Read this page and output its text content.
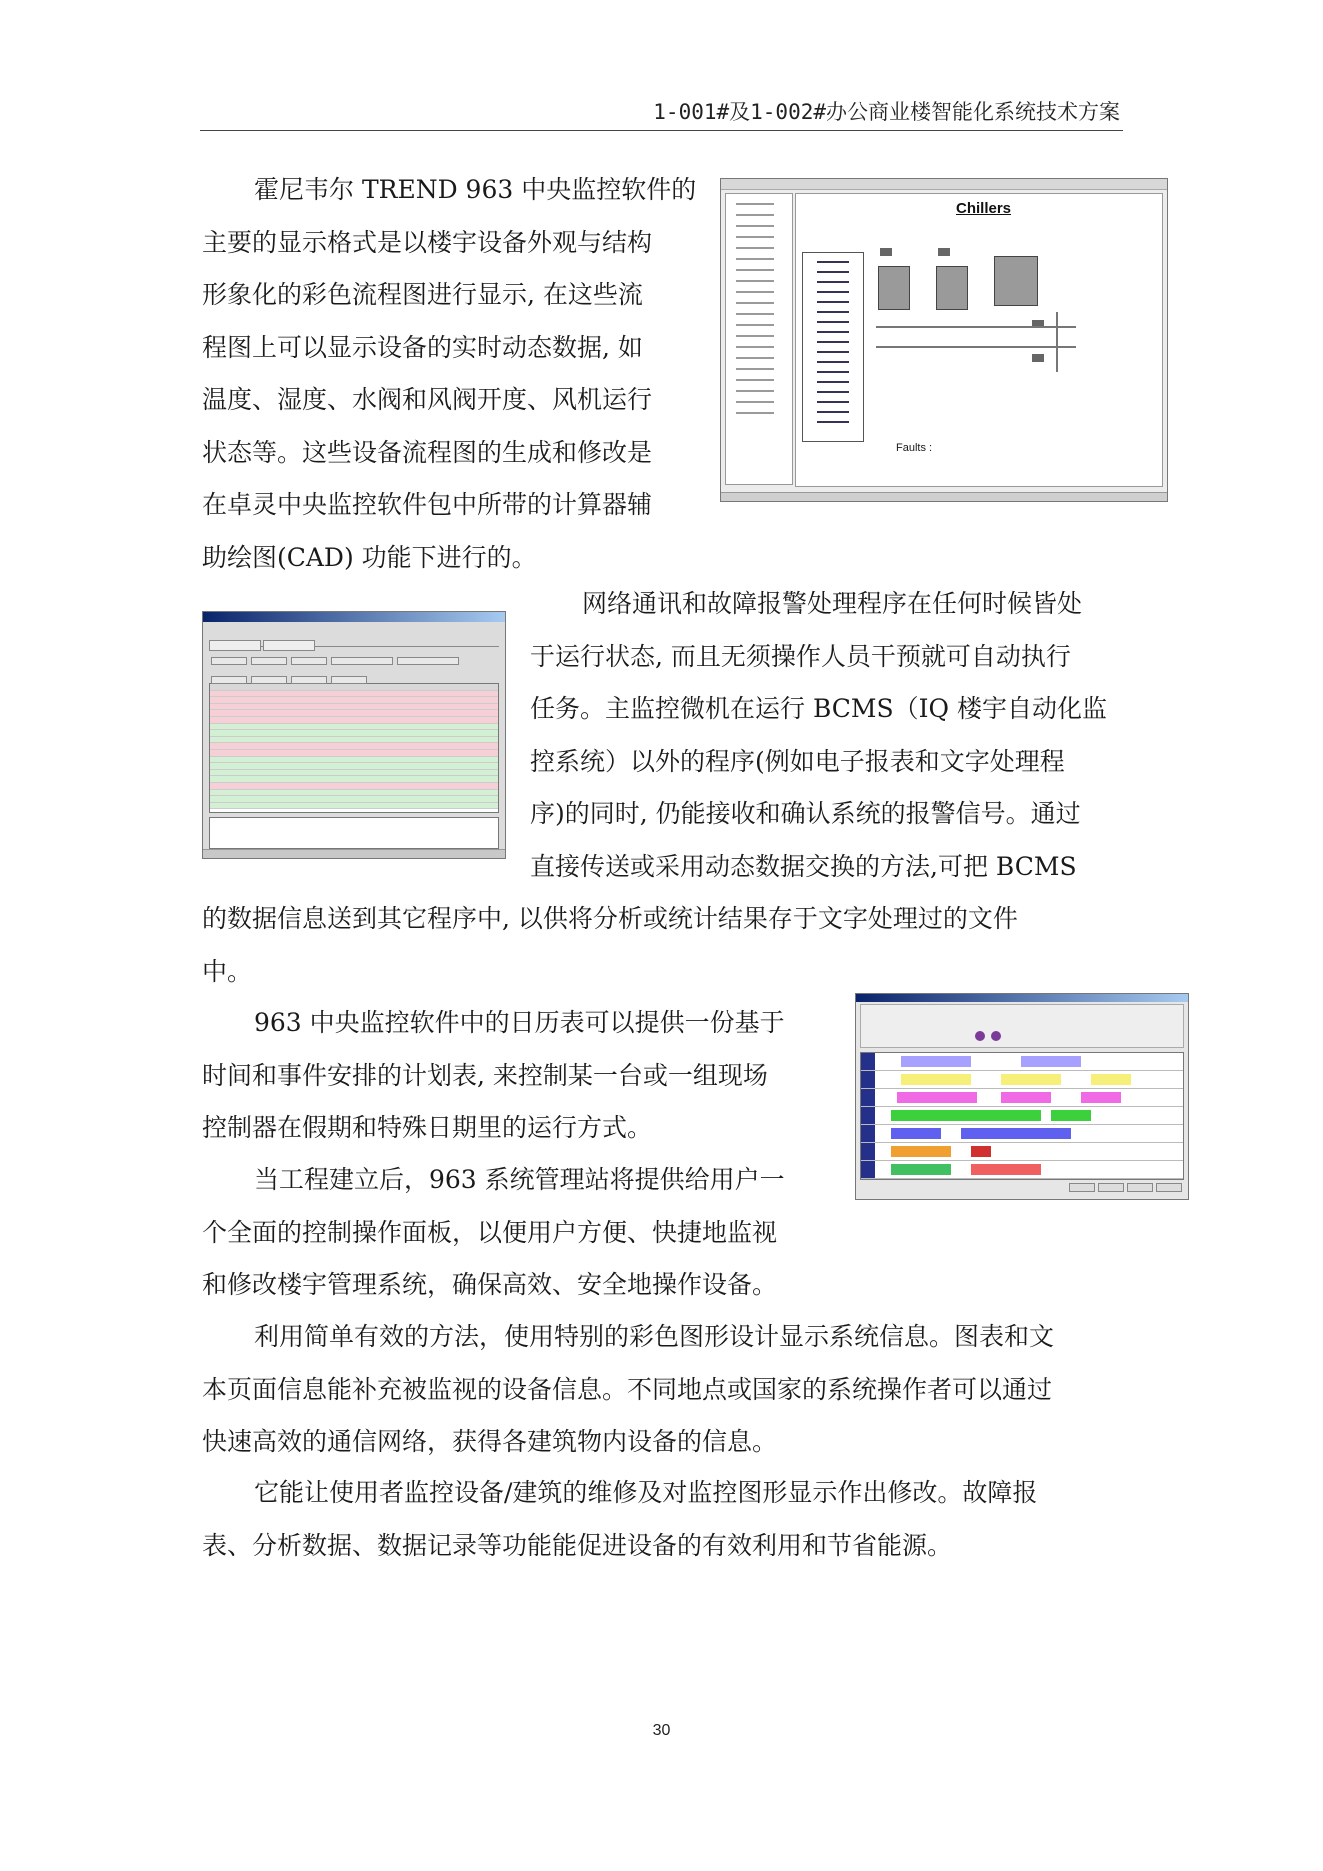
1-001#及1-002#办公商业楼智能化系统技术方案
霍尼韦尔 TREND 963 中央监控软件的
主要的显示格式是以楼宇设备外观与结构
形象化的彩色流程图进行显示, 在这些流
程图上可以显示设备的实时动态数据, 如
温度、湿度、水阀和风阀开度、风机运行
状态等。这些设备流程图的生成和修改是
在卓灵中央监控软件包中所带的计算器辅
助绘图(CAD) 功能下进行的。
Chillers
Faults :
网络通讯和故障报警处理程序在任何时候皆处
于运行状态, 而且无须操作人员干预就可自动执行
任务。主监控微机在运行 BCMS（IQ 楼宇自动化监
控系统）以外的程序(例如电子报表和文字处理程
序)的同时, 仍能接收和确认系统的报警信号。通过
直接传送或采用动态数据交换的方法,可把 BCMS
的数据信息送到其它程序中, 以供将分析或统计结果存于文字处理过的文件
中。

963 中央监控软件中的日历表可以提供一份基于
时间和事件安排的计划表, 来控制某一台或一组现场
控制器在假期和特殊日期里的运行方式。
当工程建立后，963 系统管理站将提供给用户一
个全面的控制操作面板，以便用户方便、快捷地监视
和修改楼宇管理系统，确保高效、安全地操作设备。
利用简单有效的方法，使用特别的彩色图形设计显示系统信息。图表和文
本页面信息能补充被监视的设备信息。不同地点或国家的系统操作者可以通过
快速高效的通信网络，获得各建筑物内设备的信息。
它能让使用者监控设备/建筑的维修及对监控图形显示作出修改。故障报
表、分析数据、数据记录等功能能促进设备的有效利用和节省能源。
30
